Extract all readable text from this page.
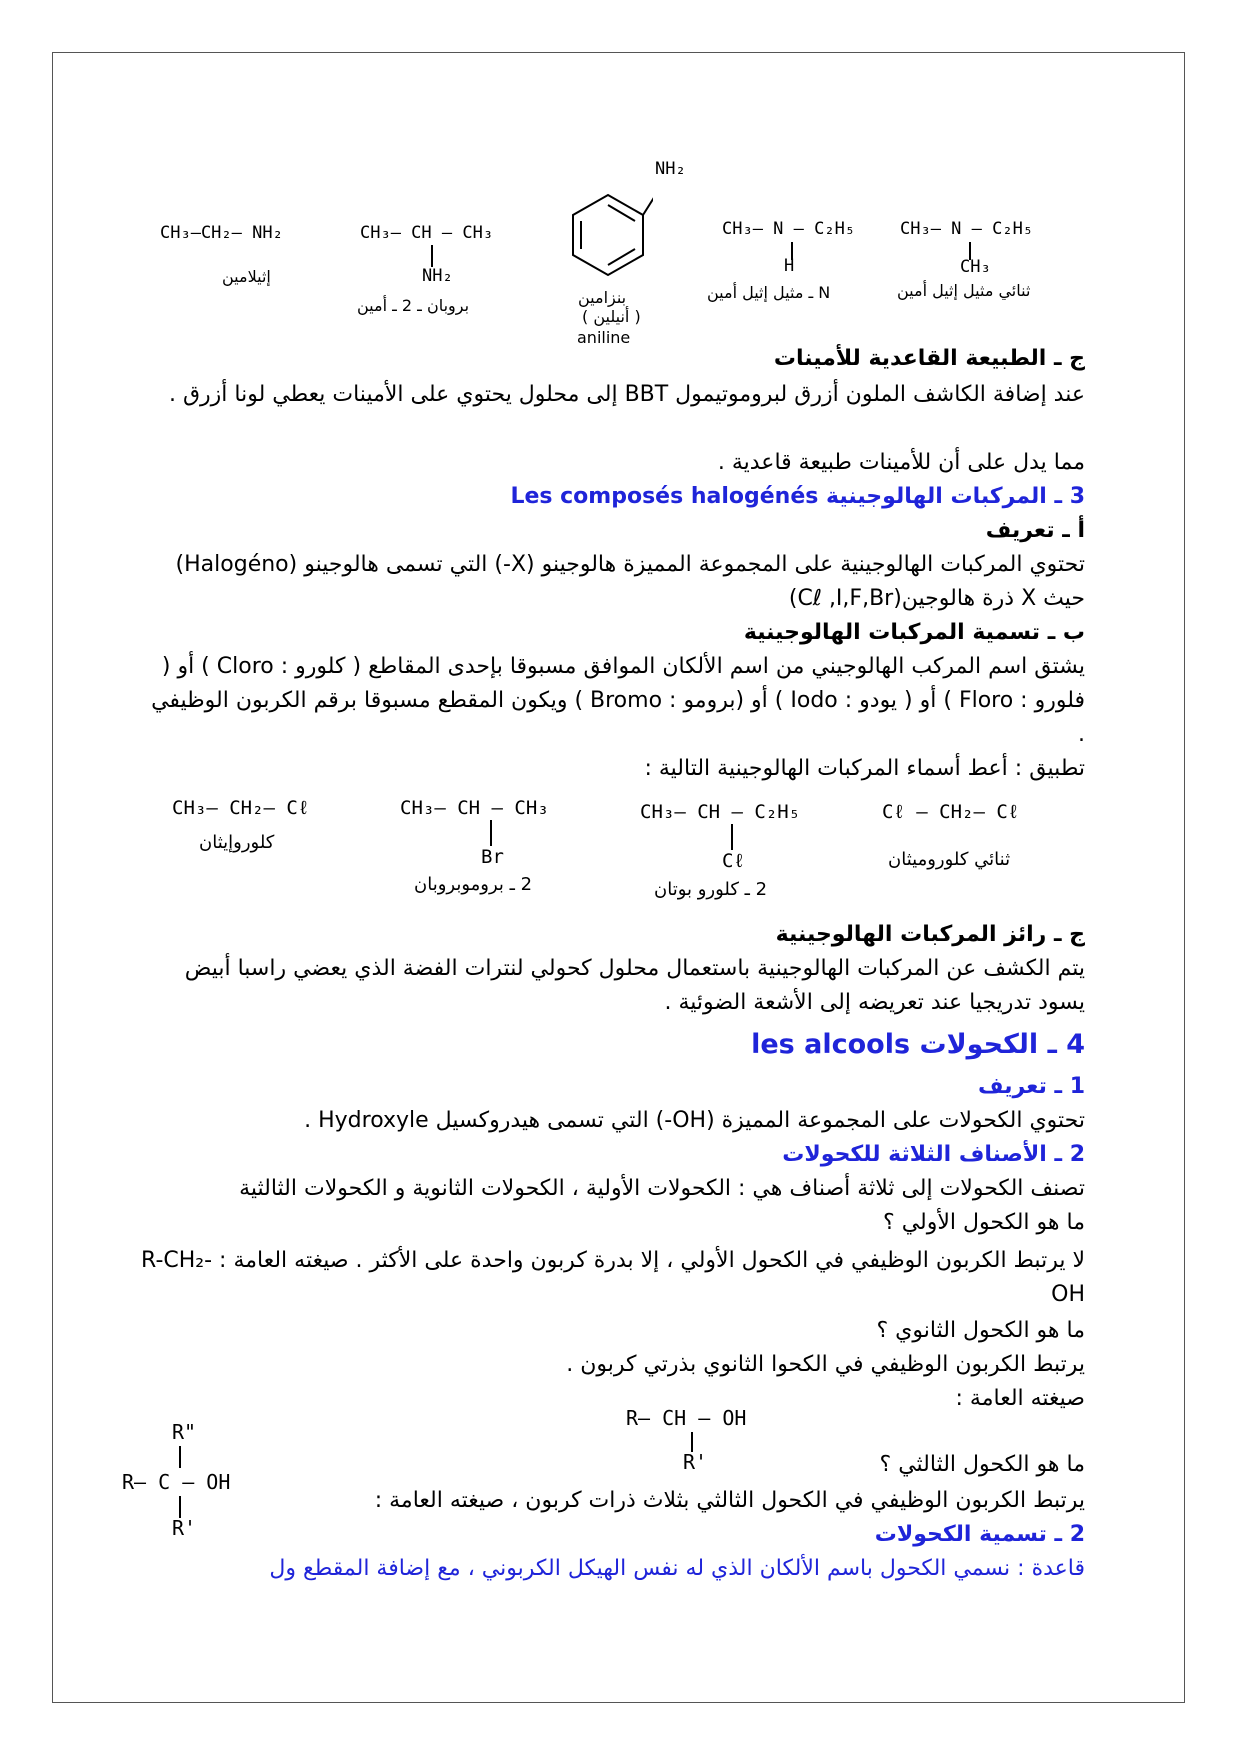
CH₃—CH₂— NH₂
إثيلامين
CH₃— CH — CH₃
NH₂
بروبان ـ 2 ـ أمين
NH₂
بنزامين
( أنيلين )
aniline
CH₃— N — C₂H₅
H
N ـ مثيل إثيل أمين
CH₃— N — C₂H₅
CH₃
ثنائي مثيل إثيل أمين
ج ـ الطبيعة القاعدية للأمينات
عند إضافة الكاشف الملون أزرق لبروموتيمول BBT إلى محلول يحتوي على الأمينات يعطي لونا أزرق .
مما يدل على أن للأمينات طبيعة قاعدية .
3 ـ المركبات الهالوجينية Les composés halogénés
أ ـ تعريف
تحتوي المركبات الهالوجينية على المجموعة المميزة هالوجينو (X-) التي تسمى هالوجينو (Halogéno) حيث X ذرة هالوجين(Cℓ ,I,F,Br)
ب ـ تسمية المركبات الهالوجينية
يشتق اسم المركب الهالوجيني من اسم الألكان الموافق مسبوقا بإحدى المقاطع ( كلورو : Cloro ) أو ( فلورو : Floro ) أو ( يودو : Iodo ) أو (برومو : Bromo ) ويكون المقطع مسبوقا برقم الكربون الوظيفي .
تطبيق : أعط أسماء المركبات الهالوجينية التالية :
CH₃— CH₂— Cℓ
كلوروإيثان
CH₃— CH — CH₃
Br
2 ـ بروموبروبان
CH₃— CH — C₂H₅
Cℓ
2 ـ كلورو بوتان
Cℓ — CH₂— Cℓ
ثنائي كلوروميثان
ج ـ رائز المركبات الهالوجينية
يتم الكشف عن المركبات الهالوجينية باستعمال محلول كحولي لنترات الفضة الذي يعضي راسبا أبيض يسود تدريجيا عند تعريضه إلى الأشعة الضوئية .
4 ـ الكحولات les alcools
1 ـ تعريف
تحتوي الكحولات على المجموعة المميزة (OH-) التي تسمى هيدروكسيل Hydroxyle .
2 ـ الأصناف الثلاثة للكحولات
تصنف الكحولات إلى ثلاثة أصناف هي : الكحولات الأولية ، الكحولات الثانوية و الكحولات الثالثية
ما هو الكحول الأولي ؟
لا يرتبط الكربون الوظيفي في الكحول الأولي ، إلا بدرة كربون واحدة على الأكثر . صيغته العامة : R-CH₂-OH
ما هو الكحول الثانوي ؟
يرتبط الكربون الوظيفي في الكحوا الثانوي بذرتي كربون .
صيغته العامة :
R— CH — OH
R'	ما هو الكحول الثالثي ؟
R"
R— C — OH
R'
يرتبط الكربون الوظيفي في الكحول الثالثي بثلاث ذرات كربون ، صيغته العامة :
2 ـ تسمية الكحولات
قاعدة : نسمي الكحول باسم الألكان الذي له نفس الهيكل الكربوني ، مع إضافة المقطع ول
